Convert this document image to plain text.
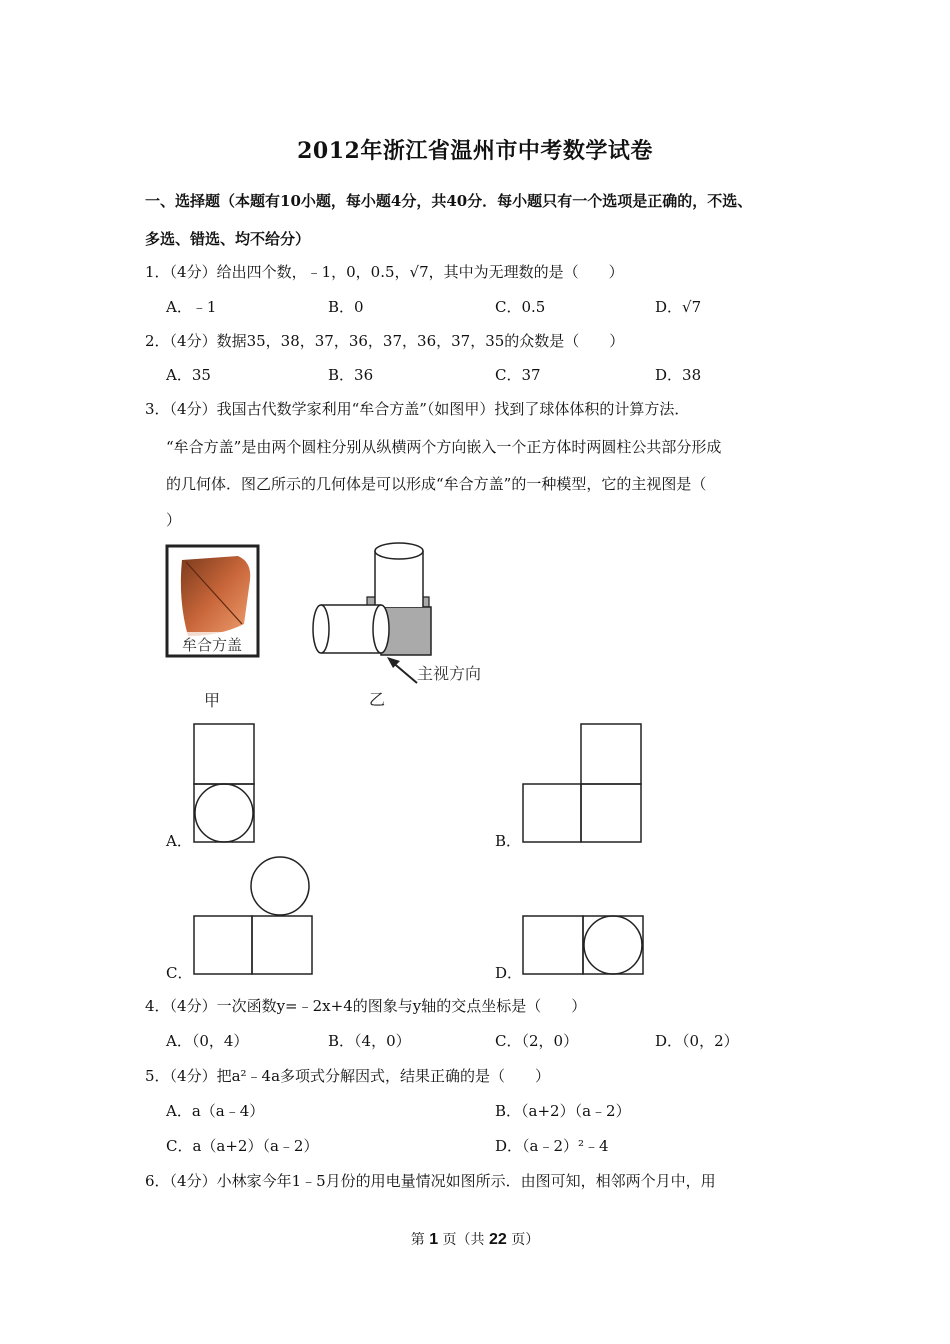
2012年浙江省温州市中考数学试卷
一、选择题（本题有10小题，每小题4分，共40分．每小题只有一个选项是正确的，不选、
多选、错选、均不给分）
1．（4分）给出四个数，﹣1，0，0.5，√7，其中为无理数的是（　　）
A．﹣1	B．0	C．0.5	D．√7
2．（4分）数据35，38，37，36，37，36，37，35的众数是（　　）
A．35	B．36	C．37	D．38
3．（4分）我国古代数学家利用“牟合方盖”（如图甲）找到了球体体积的计算方法．
“牟合方盖”是由两个圆柱分别从纵横两个方向嵌入一个正方体时两圆柱公共部分形成
的几何体．图乙所示的几何体是可以形成“牟合方盖”的一种模型，它的主视图是（
）
牟合方盖
甲
主视方向
乙
A．	B．
C．	D．
4．（4分）一次函数y=﹣2x+4的图象与y轴的交点坐标是（　　）
A．（0，4）	B．（4，0）	C．（2，0）	D．（0，2）
5．（4分）把a²﹣4a多项式分解因式，结果正确的是（　　）
A．a（a﹣4）	B．（a+2）（a﹣2）
C．a（a+2）（a﹣2）	D．（a﹣2）²﹣4
6．（4分）小林家今年1﹣5月份的用电量情况如图所示．由图可知，相邻两个月中，用
第 1 页（共 22 页）
